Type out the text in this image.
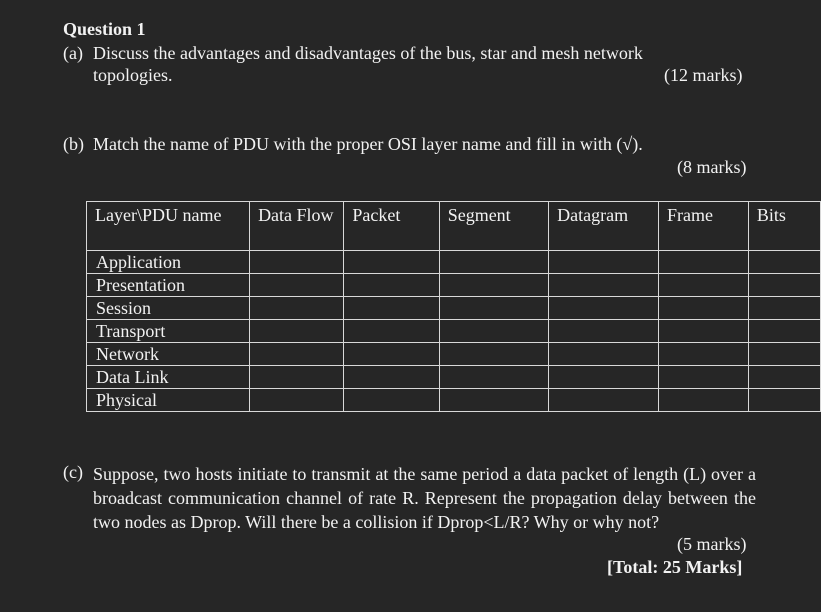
Question 1
(a) Discuss the advantages and disadvantages of the bus, star and mesh network
topologies.	(12 marks)
(b) Match the name of PDU with the proper OSI layer name and fill in with (√).
(8 marks)
Layer\PDU name	Data Flow	Packet	Segment	Datagram	Frame	Bits
Application						
Presentation						
Session						
Transport						
Network						
Data Link						
Physical						
(c) Suppose, two hosts initiate to transmit at the same period a data packet of length (L) over a broadcast communication channel of rate R. Represent the propagation delay between the two nodes as Dprop. Will there be a collision if Dprop<L/R? Why or why not?
(5 marks)
[Total: 25 Marks]
